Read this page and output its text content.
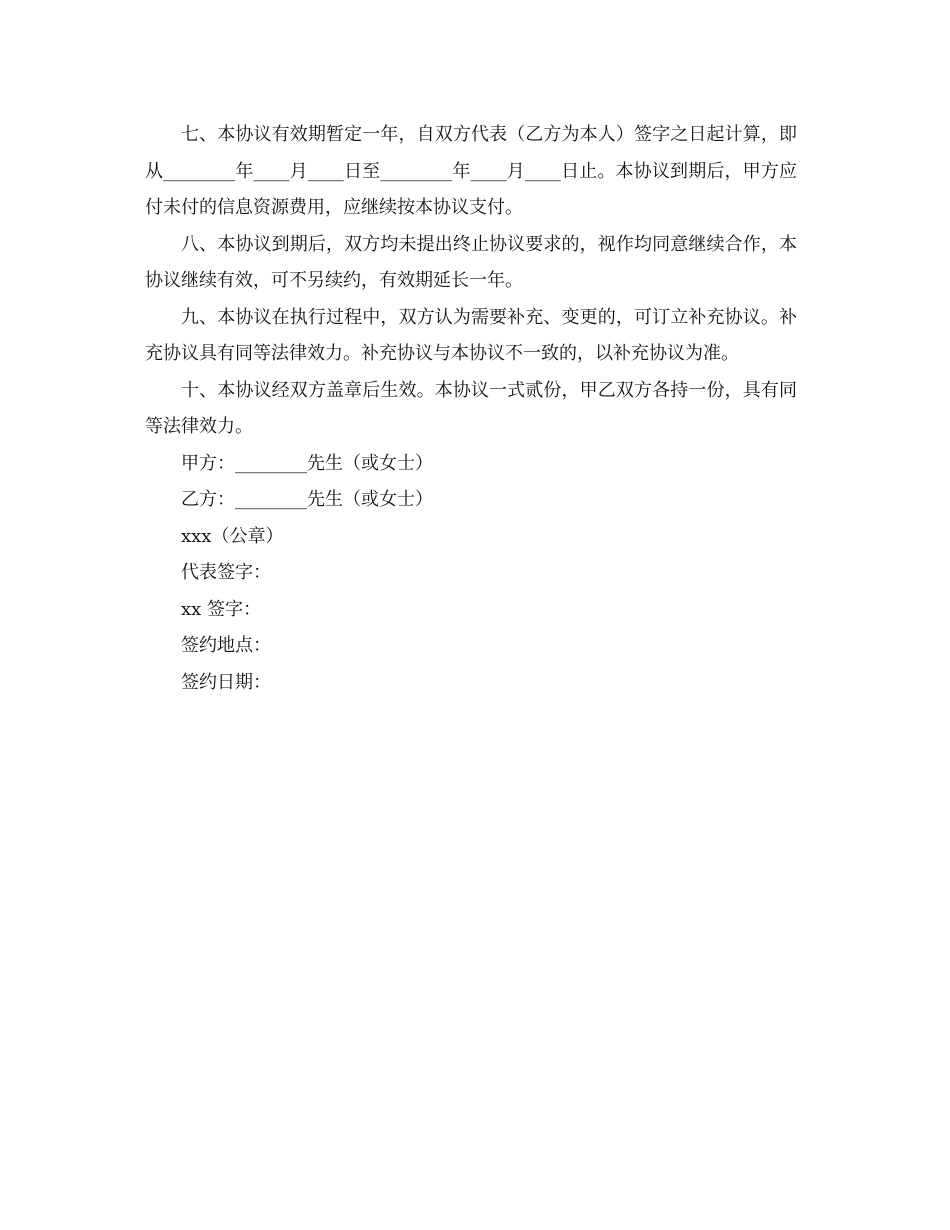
七、本协议有效期暂定一年，自双方代表（乙方为本人）签字之日起计算，即从________年____月____日至________年____月____日止。本协议到期后，甲方应付未付的信息资源费用，应继续按本协议支付。

八、本协议到期后，双方均未提出终止协议要求的，视作均同意继续合作，本协议继续有效，可不另续约，有效期延长一年。

九、本协议在执行过程中，双方认为需要补充、变更的，可订立补充协议。补充协议具有同等法律效力。补充协议与本协议不一致的，以补充协议为准。

十、本协议经双方盖章后生效。本协议一式贰份，甲乙双方各持一份，具有同等法律效力。

甲方：________先生（或女士）
乙方：________先生（或女士）
xxx（公章）
代表签字：
xx 签字：
签约地点：
签约日期：
